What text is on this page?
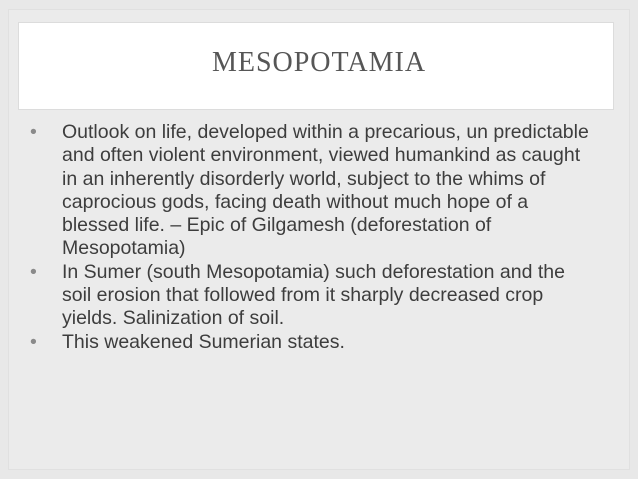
MESOPOTAMIA
• Outlook on life, developed within a precarious, un predictable and often violent environment, viewed humankind as caught in an inherently disorderly world, subject to the whims of caprocious gods, facing death without much hope of a blessed life. – Epic of Gilgamesh (deforestation of Mesopotamia)
• In Sumer (south Mesopotamia) such deforestation and the soil erosion that followed from it sharply decreased crop yields. Salinization of soil.
• This weakened Sumerian states.
